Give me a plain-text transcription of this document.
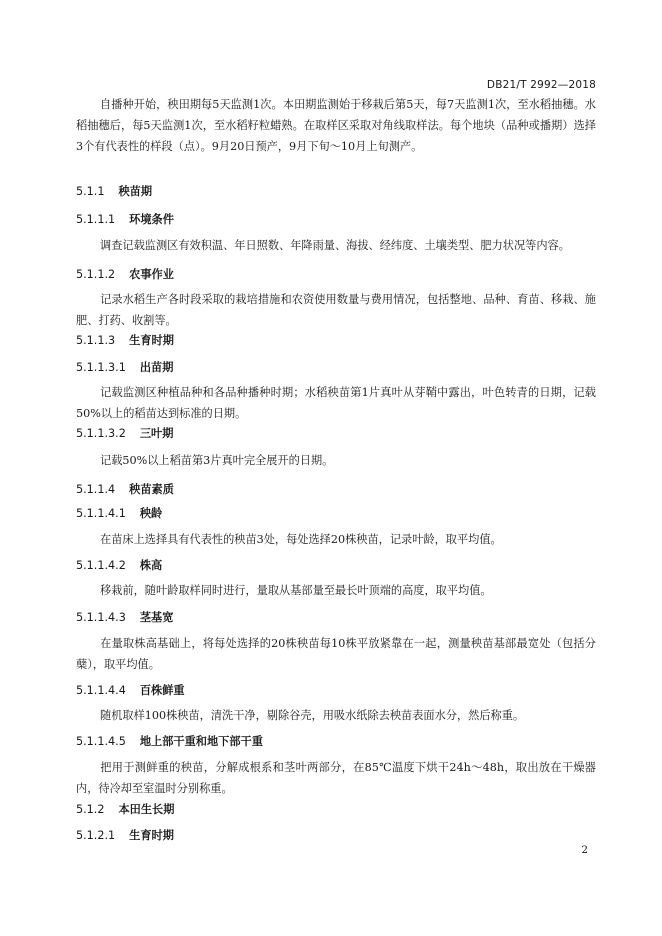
DB21/T 2992—2018
自播种开始，秧田期每5天监测1次。本田期监测始于移栽后第5天，每7天监测1次，至水稻抽穗。水稻抽穗后，每5天监测1次，至水稻籽粒蜡熟。在取样区采取对角线取样法。每个地块（品种或播期）选择3个有代表性的样段（点）。9月20日预产，9月下旬～10月上旬测产。
5.1.1 秧苗期
5.1.1.1 环境条件
调查记载监测区有效积温、年日照数、年降雨量、海拔、经纬度、土壤类型、肥力状况等内容。
5.1.1.2 农事作业
记录水稻生产各时段采取的栽培措施和农资使用数量与费用情况，包括整地、品种、育苗、移栽、施肥、打药、收割等。
5.1.1.3 生育时期
5.1.1.3.1 出苗期
记载监测区种植品种和各品种播种时期；水稻秧苗第1片真叶从芽鞘中露出，叶色转青的日期，记载50%以上的稻苗达到标准的日期。
5.1.1.3.2 三叶期
记载50%以上稻苗第3片真叶完全展开的日期。
5.1.1.4 秧苗素质
5.1.1.4.1 秧龄
在苗床上选择具有代表性的秧苗3处，每处选择20株秧苗，记录叶龄，取平均值。
5.1.1.4.2 株高
移栽前，随叶龄取样同时进行，量取从基部量至最长叶顶端的高度，取平均值。
5.1.1.4.3 茎基宽
在量取株高基础上，将每处选择的20株秧苗每10株平放紧靠在一起，测量秧苗基部最宽处（包括分蘖），取平均值。
5.1.1.4.4 百株鲜重
随机取样100株秧苗，清洗干净，剔除谷壳，用吸水纸除去秧苗表面水分，然后称重。
5.1.1.4.5 地上部干重和地下部干重
把用于测鲜重的秧苗，分解成根系和茎叶两部分，在85℃温度下烘干24h～48h，取出放在干燥器内，待冷却至室温时分别称重。
5.1.2 本田生长期
5.1.2.1 生育时期
2
